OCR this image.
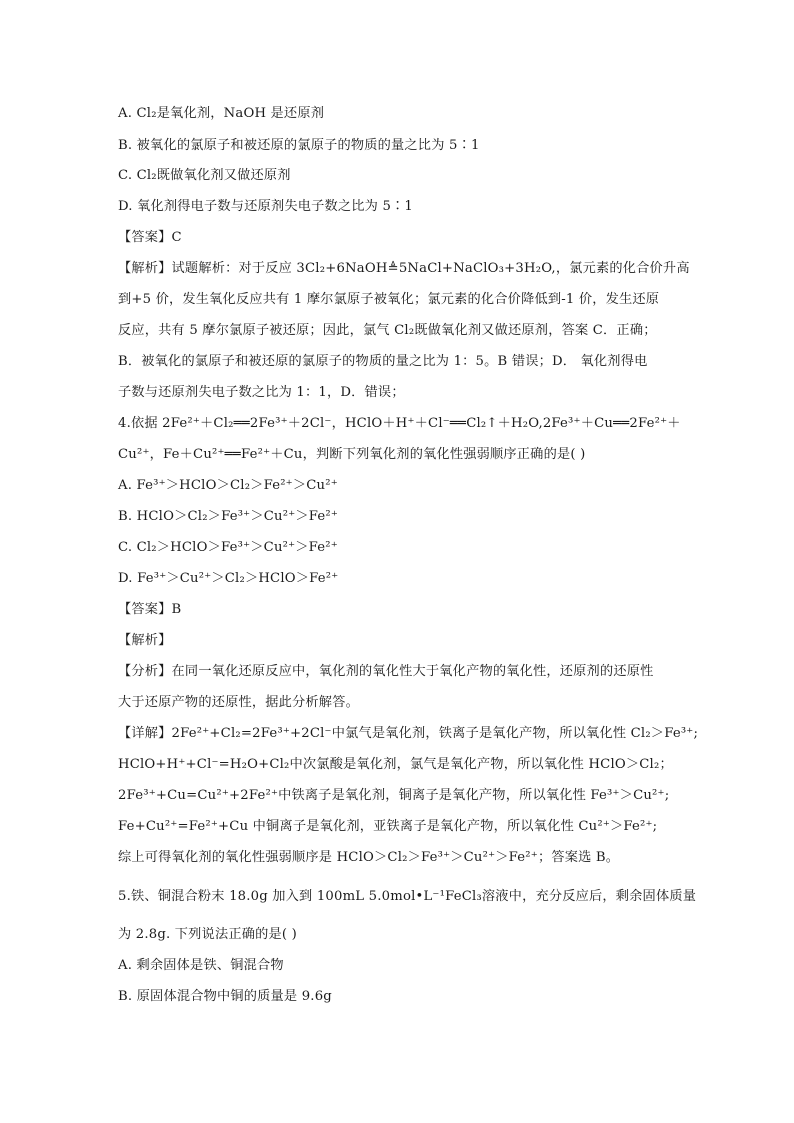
A. Cl₂是氧化剂，NaOH 是还原剂
B. 被氧化的氯原子和被还原的氯原子的物质的量之比为 5∶1
C. Cl₂既做氧化剂又做还原剂
D. 氧化剂得电子数与还原剂失电子数之比为 5∶1
【答案】C
【解析】试题解析：对于反应 3Cl₂+6NaOH≜5NaCl+NaClO₃+3H₂O,，氯元素的化合价升高
到+5 价，发生氧化反应共有 1 摩尔氯原子被氧化；氯元素的化合价降低到-1 价，发生还原
反应，共有 5 摩尔氯原子被还原；因此，氯气 Cl₂既做氧化剂又做还原剂，答案 C．正确；
B．被氧化的氯原子和被还原的氯原子的物质的量之比为 1：5。B 错误；D． 氧化剂得电
子数与还原剂失电子数之比为 1：1，D．错误；
4.依据 2Fe²⁺＋Cl₂══2Fe³⁺＋2Cl⁻，HClO＋H⁺＋Cl⁻══Cl₂↑＋H₂O,2Fe³⁺＋Cu══2Fe²⁺＋
Cu²⁺，Fe＋Cu²⁺══Fe²⁺＋Cu，判断下列氧化剂的氧化性强弱顺序正确的是( )
A. Fe³⁺＞HClO＞Cl₂＞Fe²⁺＞Cu²⁺
B. HClO＞Cl₂＞Fe³⁺＞Cu²⁺＞Fe²⁺
C. Cl₂＞HClO＞Fe³⁺＞Cu²⁺＞Fe²⁺
D. Fe³⁺＞Cu²⁺＞Cl₂＞HClO＞Fe²⁺
【答案】B
【解析】
【分析】在同一氧化还原反应中，氧化剂的氧化性大于氧化产物的氧化性，还原剂的还原性
大于还原产物的还原性，据此分析解答。
【详解】2Fe²⁺+Cl₂=2Fe³⁺+2Cl⁻中氯气是氧化剂，铁离子是氧化产物，所以氧化性 Cl₂＞Fe³⁺;
HClO+H⁺+Cl⁻=H₂O+Cl₂中次氯酸是氧化剂，氯气是氧化产物，所以氧化性 HClO＞Cl₂；
2Fe³⁺+Cu=Cu²⁺+2Fe²⁺中铁离子是氧化剂，铜离子是氧化产物，所以氧化性 Fe³⁺＞Cu²⁺;
Fe+Cu²⁺=Fe²⁺+Cu 中铜离子是氧化剂，亚铁离子是氧化产物，所以氧化性 Cu²⁺＞Fe²⁺;
综上可得氧化剂的氧化性强弱顺序是 HClO＞Cl₂＞Fe³⁺＞Cu²⁺＞Fe²⁺；答案选 B。
5.铁、铜混合粉末 18.0g 加入到 100mL 5.0mol•L⁻¹FeCl₃溶液中，充分反应后，剩余固体质量
为 2.8g. 下列说法正确的是( )
A. 剩余固体是铁、铜混合物
B. 原固体混合物中铜的质量是 9.6g
